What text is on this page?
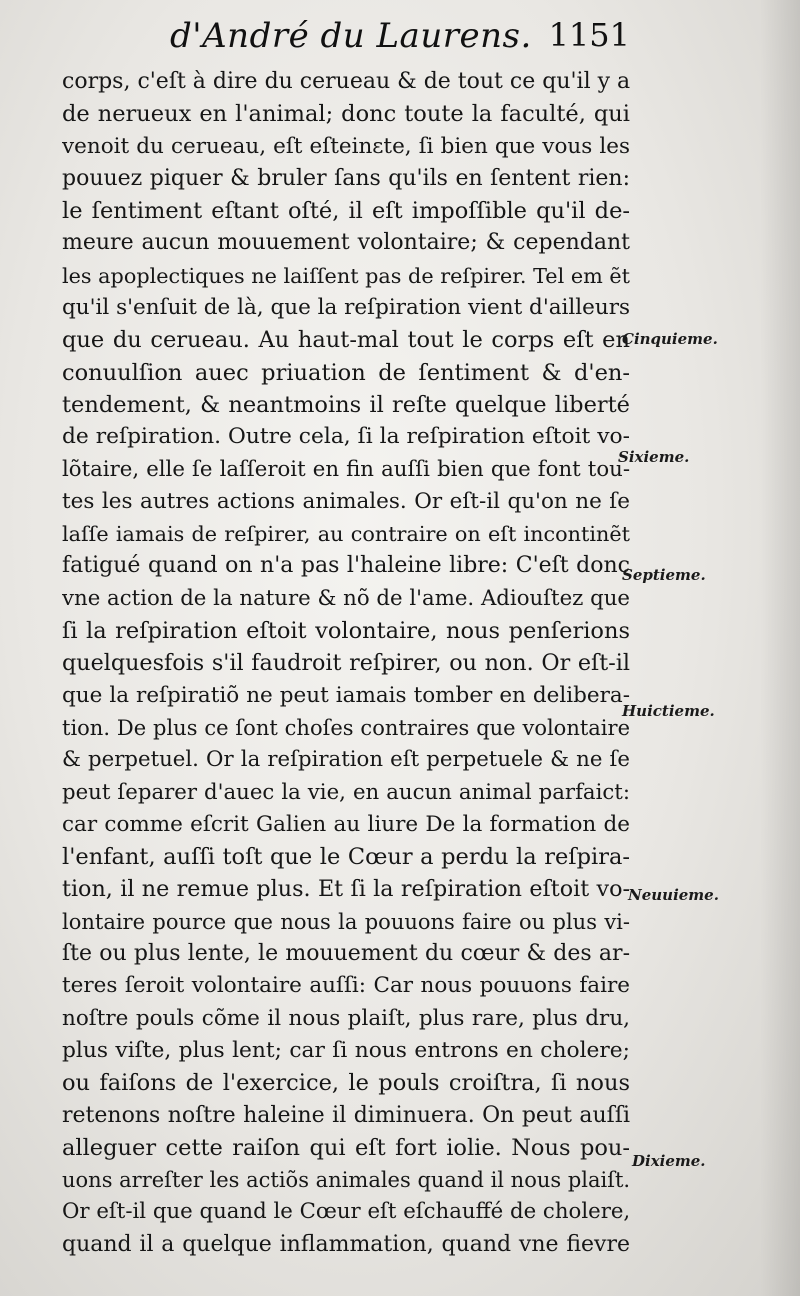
d'André du Laurens. 1151
corps, c'eſt à dire du cerueau & de tout ce qu'il y a
de nerueux en l'animal; donc toute la faculté, qui
venoit du cerueau, eſt eſteinɛte, ſi bien que vous les
pouuez piquer & bruler ſans qu'ils en ſentent rien:
le ſentiment eſtant oſté, il eſt impoſſible qu'il de-
meure aucun mouuement volontaire; & cependant
les apoplectiques ne laiſſent pas de reſpirer. Tel em ẽt
qu'il s'enſuit de là, que la reſpiration vient d'ailleurs
que du cerueau. Au haut-mal tout le corps eſt en
conuulſion auec priuation de ſentiment & d'en-
tendement, & neantmoins il reſte quelque liberté
de reſpiration. Outre cela, ſi la reſpiration eſtoit vo-
lõtaire, elle ſe laſſeroit en fin auſſi bien que font tou-
tes les autres actions animales. Or eſt-il qu'on ne ſe
laſſe iamais de reſpirer, au contraire on eſt incontinẽt
fatigué quand on n'a pas l'haleine libre: C'eſt donc
vne action de la nature & nõ de l'ame. Adiouſtez que
ſi la reſpiration eſtoit volontaire, nous penſerions
quelquesfois s'il faudroit reſpirer, ou non. Or eſt-il
que la reſpiratiõ ne peut iamais tomber en delibera-
tion. De plus ce ſont choſes contraires que volontaire
& perpetuel. Or la reſpiration eſt perpetuele & ne ſe
peut ſeparer d'auec la vie, en aucun animal parfaict:
car comme eſcrit Galien au liure De la formation de
l'enfant, auſſi toſt que le Cœur a perdu la reſpira-
tion, il ne remue plus. Et ſi la reſpiration eſtoit vo-
lontaire pource que nous la pouuons faire ou plus vi-
ſte ou plus lente, le mouuement du cœur & des ar-
teres ſeroit volontaire auſſi: Car nous pouuons faire
noſtre pouls cõme il nous plaiſt, plus rare, plus dru,
plus viſte, plus lent; car ſi nous entrons en cholere;
ou faiſons de l'exercice, le pouls croiſtra, ſi nous
retenons noſtre haleine il diminuera. On peut auſſi
alleguer cette raiſon qui eſt fort iolie. Nous pou-
uons arreſter les actiõs animales quand il nous plaiſt.
Or eſt-il que quand le Cœur eſt eſchauffé de cholere,
quand il a quelque inflammation, quand vne fievre
Cinquieme.
Sixieme.
Septieme.
Huictieme.
Neuuieme.
Dixieme.
